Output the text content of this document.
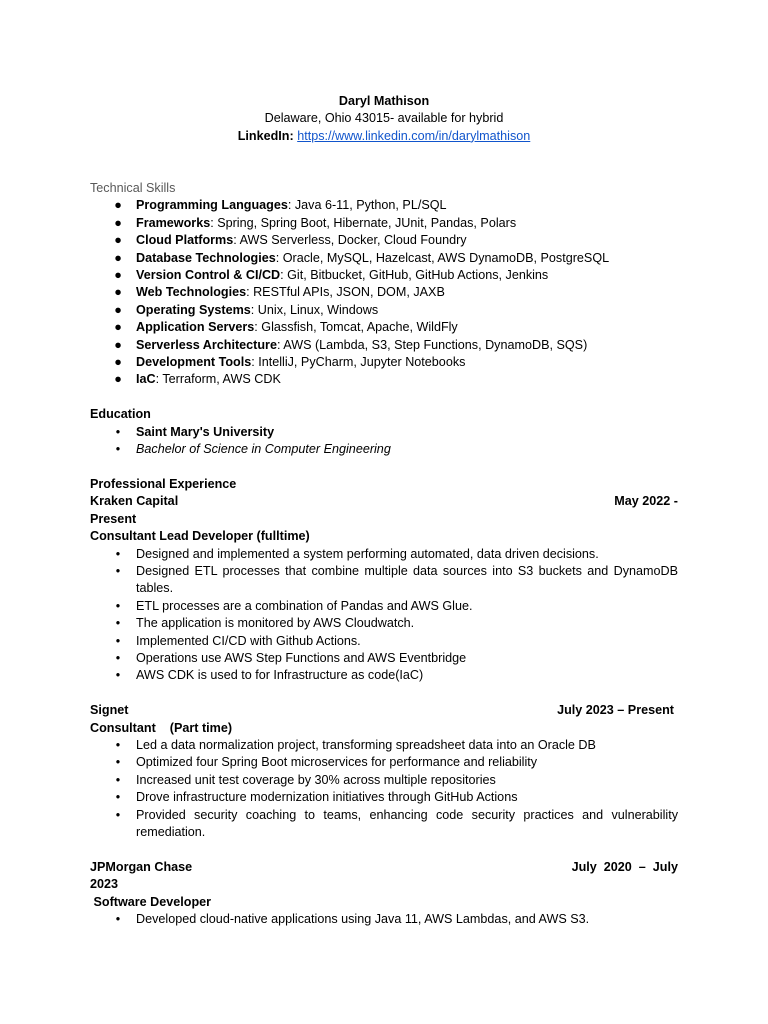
Daryl Mathison
Delaware, Ohio 43015- available for hybrid
LinkedIn: https://www.linkedin.com/in/darylmathison
Technical Skills
● Programming Languages: Java 6-11, Python, PL/SQL
● Frameworks: Spring, Spring Boot, Hibernate, JUnit, Pandas, Polars
● Cloud Platforms: AWS Serverless, Docker, Cloud Foundry
● Database Technologies: Oracle, MySQL, Hazelcast, AWS DynamoDB, PostgreSQL
● Version Control & CI/CD: Git, Bitbucket, GitHub, GitHub Actions, Jenkins
● Web Technologies: RESTful APIs, JSON, DOM, JAXB
● Operating Systems: Unix, Linux, Windows
● Application Servers: Glassfish, Tomcat, Apache, WildFly
● Serverless Architecture: AWS (Lambda, S3, Step Functions, DynamoDB, SQS)
● Development Tools: IntelliJ, PyCharm, Jupyter Notebooks
● IaC: Terraform, AWS CDK
Education
•	Saint Mary's University
•	Bachelor of Science in Computer Engineering
Professional Experience
Kraken Capital	May 2022 -
Present
Consultant Lead Developer (fulltime)
•	Designed and implemented a system performing automated, data driven decisions.
•	Designed ETL processes that combine multiple data sources into S3 buckets and DynamoDB tables.
•	ETL processes are a combination of Pandas and AWS Glue.
•	The application is monitored by AWS Cloudwatch.
•	Implemented CI/CD with Github Actions.
•	Operations use AWS Step Functions and AWS Eventbridge
•	AWS CDK is used to for Infrastructure as code(IaC)
Signet	July 2023 – Present
Consultant    (Part time)
•	Led a data normalization project, transforming spreadsheet data into an Oracle DB
•	Optimized four Spring Boot microservices for performance and reliability
•	Increased unit test coverage by 30% across multiple repositories
•	Drove infrastructure modernization initiatives through GitHub Actions
•	Provided security coaching to teams, enhancing code security practices and vulnerability remediation.
JPMorgan Chase	July  2020  –  July
2023
Software Developer
•	Developed cloud-native applications using Java 11, AWS Lambdas, and AWS S3.
